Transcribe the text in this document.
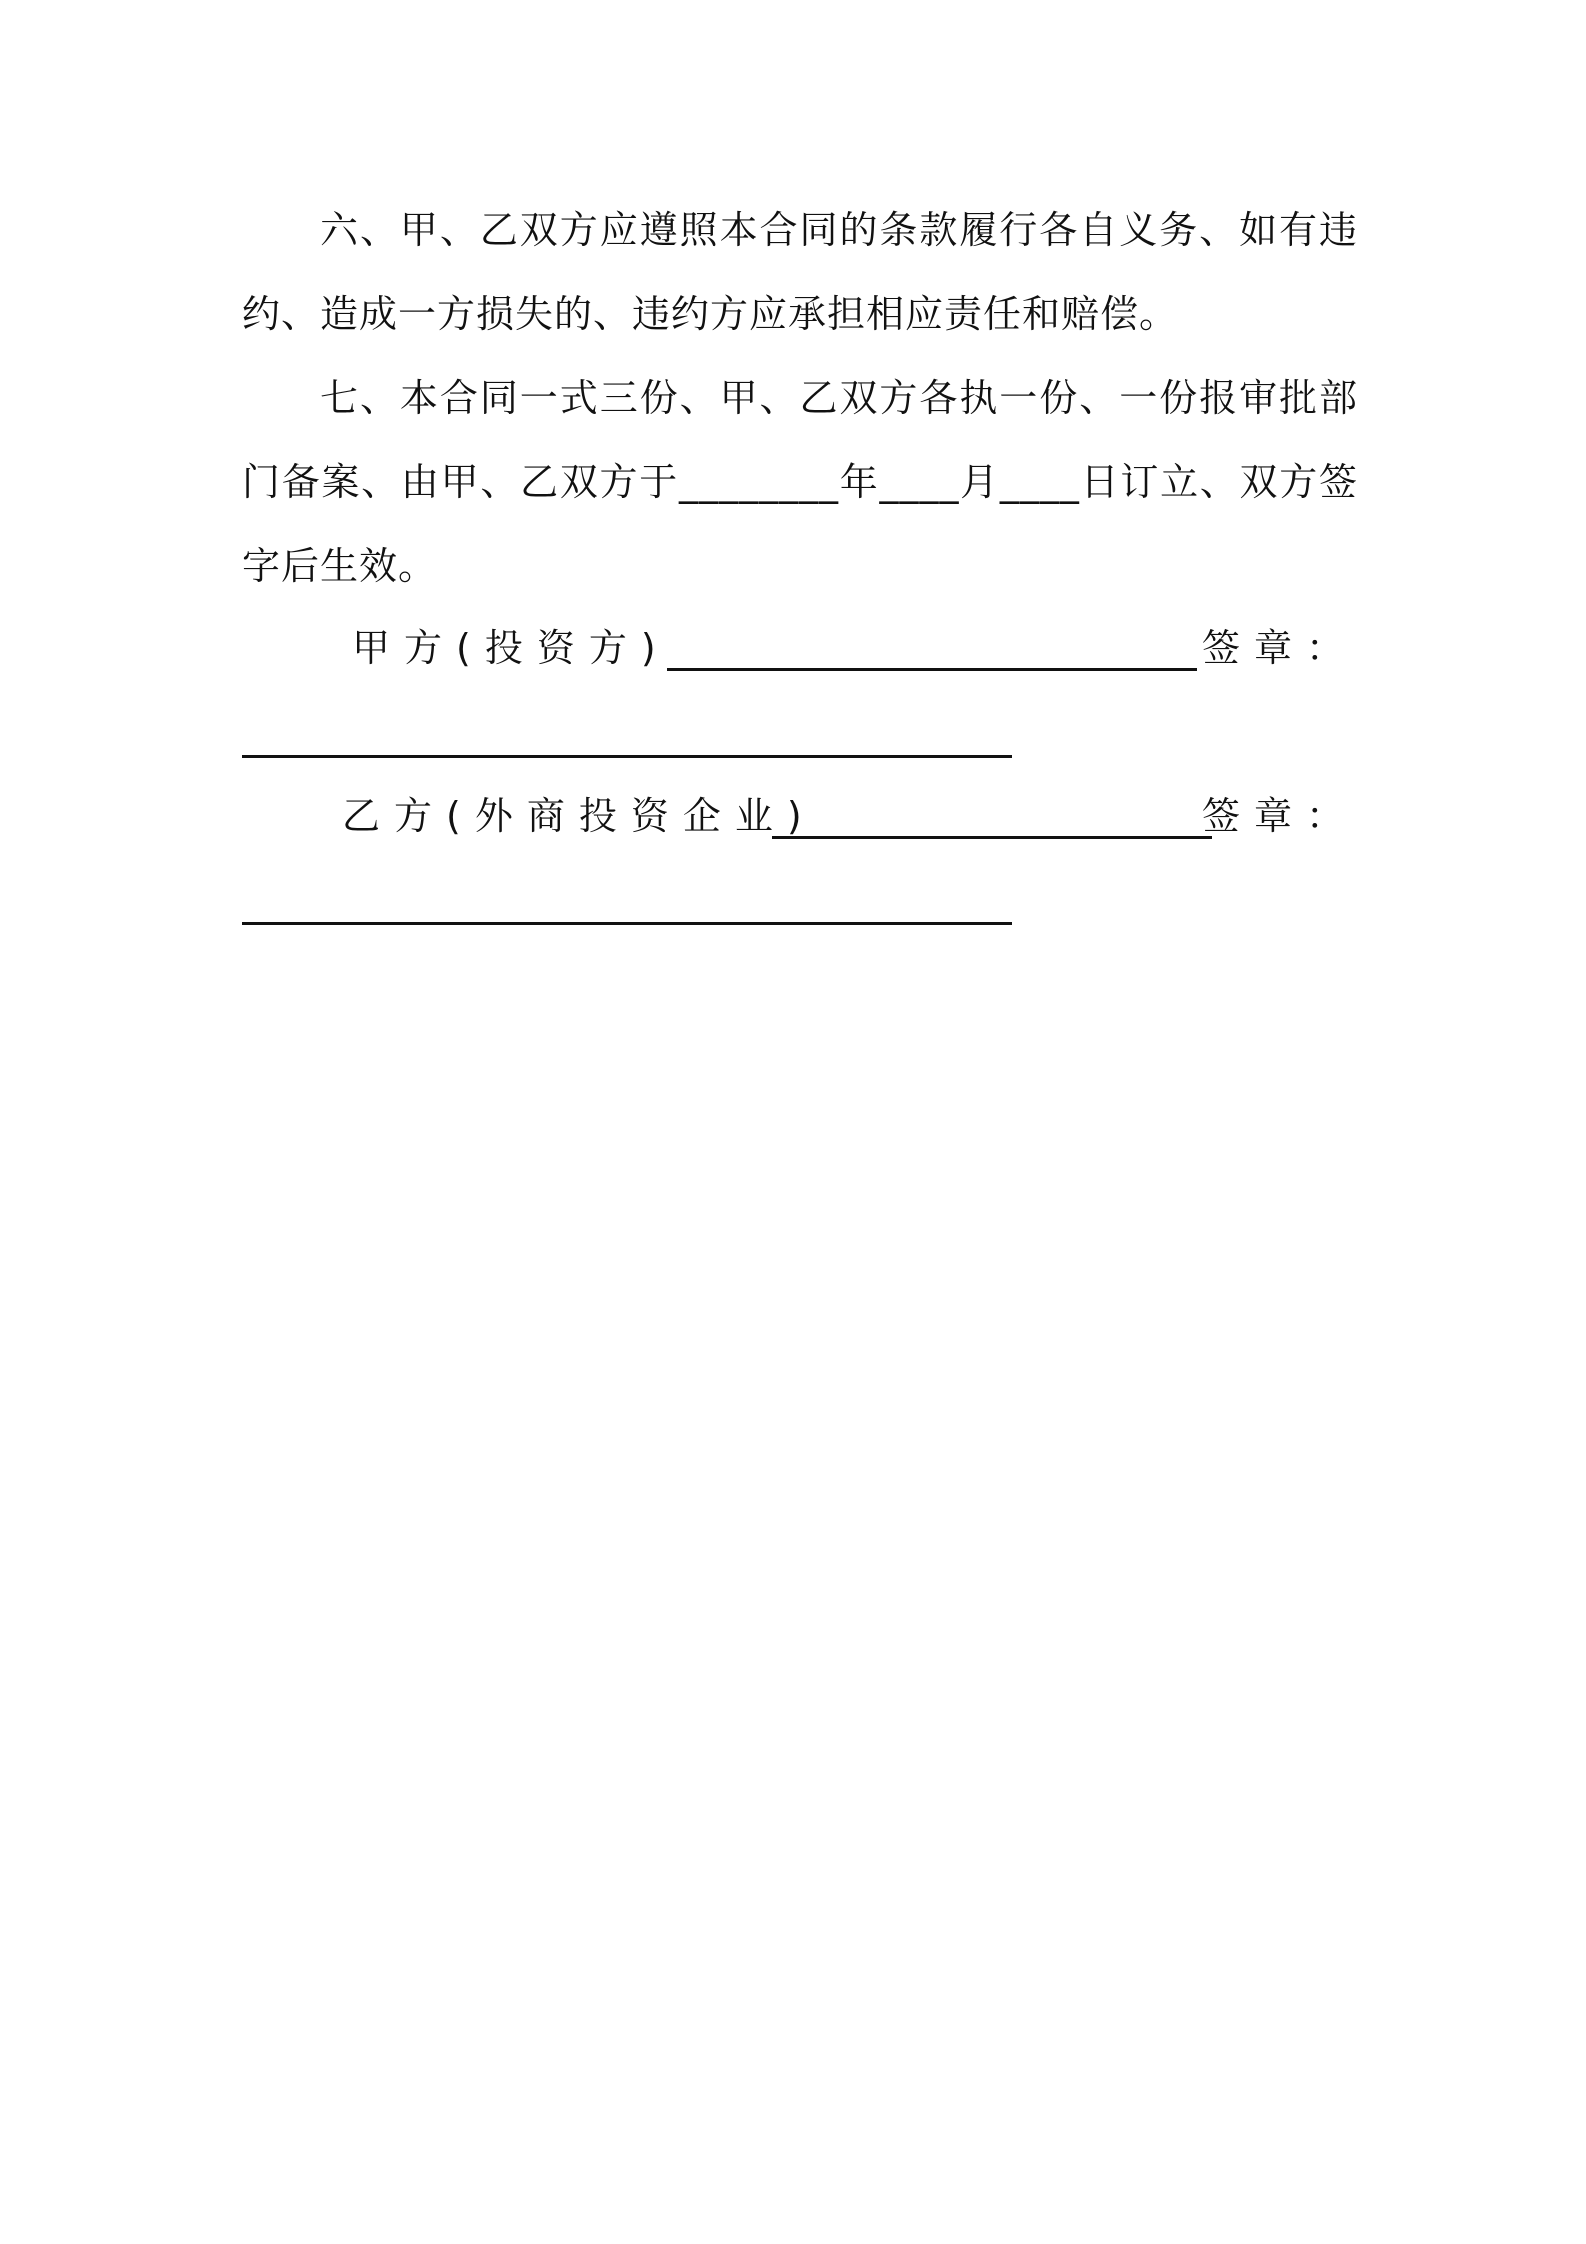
六、甲、乙双方应遵照本合同的条款履行各自义务、如有违约、造成一方损失的、违约方应承担相应责任和赔偿。

七、本合同一式三份、甲、乙双方各执一份、一份报审批部门备案、由甲、乙双方于________年____月____日订立、双方签字后生效。

甲方(投资方)	签章：
乙方(外商投资企业)	签章：
